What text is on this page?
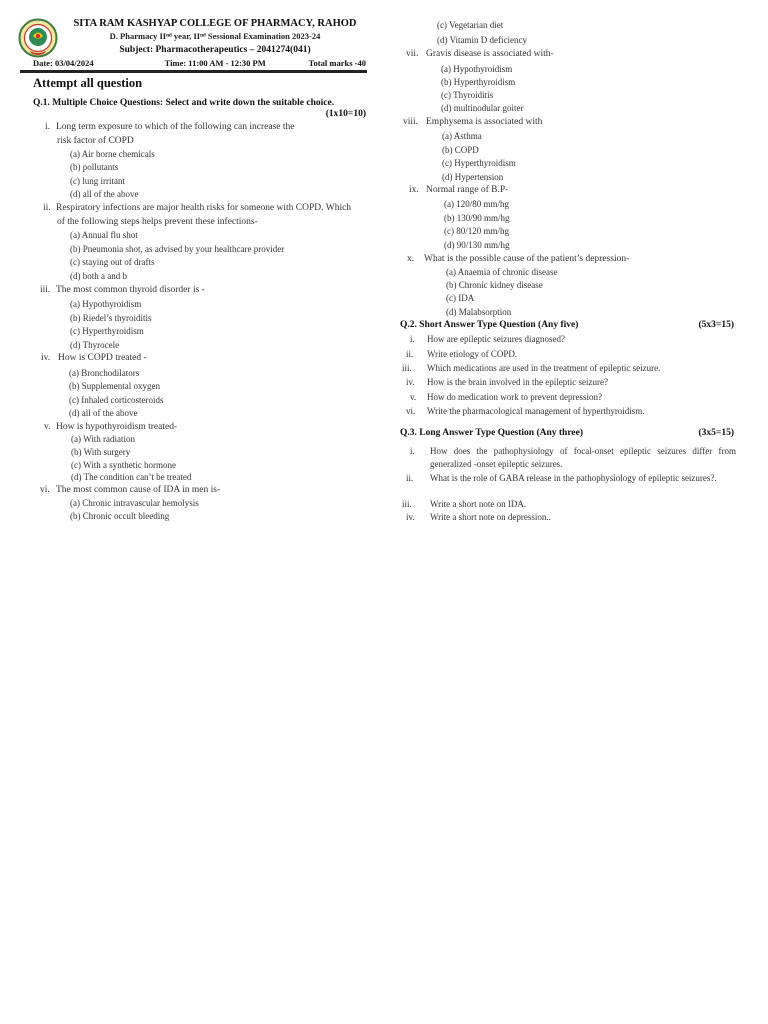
SITA RAM KASHYAP COLLEGE OF PHARMACY, RAHOD
D. Pharmacy IIⁿᵈ year, IIⁿᵈ Sessional Examination 2023-24
Subject: Pharmacotherapeutics – 2041274(041)
Date: 03/04/2024	Time: 11:00 AM - 12:30 PM	Total marks -40
Attempt all question
Q.1. Multiple Choice Questions: Select and write down the suitable choice.
(1x10=10)
i. Long term exposure to which of the following can increase the
risk factor of COPD
(a) Air borne chemicals
(b) pollutants
(c) lung irritant
(d) all of the above
ii. Respiratory infections are major health risks for someone with COPD. Which
of the following steps helps prevent these infections-
(a) Annual flu shot
(b) Pneumonia shot, as advised by your healthcare provider
(c) staying out of drafts
(d) both a and b
iii. The most common thyroid disorder is -
(a) Hypothyroidism
(b) Riedel’s thyroiditis
(c) Hyperthyroidism
(d) Thyrocele
iv. How is COPD treated -
(a) Bronchodilators
(b) Supplemental oxygen
(c) Inhaled corticosteroids
(d) all of the above
v. How is hypothyroidism treated-
(a) With radiation
(b) With surgery
(c) With a synthetic hormone
(d) The condition can’t be treated
vi. The most common cause of IDA in men is-
(a) Chronic intravascular hemolysis
(b) Chronic occult bleeding
(c) Vegetarian diet
(d) Vitamin D deficiency
vii. Gravis disease is associated with-
(a) Hypothyroidism
(b) Hyperthyroidism
(c) Thyroiditis
(d) multinodular goiter
viii. Emphysema is associated with
(a) Asthma
(b) COPD
(c) Hyperthyroidism
(d) Hypertension
ix. Normal range of B.P-
(a) 120/80 mm/hg
(b) 130/90 mm/hg
(c) 80/120 mm/hg
(d) 90/130 mm/hg
x. What is the possible cause of the patient’s depression-
(a) Anaemia of chronic disease
(b) Chronic kidney disease
(c) IDA
(d) Malabsorption
Q.2. Short Answer Type Question (Any five)	(5x3=15)
i. How are epileptic seizures diagnosed?
ii. Write etiology of COPD.
iii. Which medications are used in the treatment of epileptic seizure.
iv. How is the brain involved in the epileptic seizure?
v. How do medication work to prevent depression?
vi. Write the pharmacological management of hyperthyroidism.
Q.3. Long Answer Type Question (Any three)	(3x5=15)
i. How does the pathophysiology of focal-onset epileptic seizures differ from generalized -onset epileptic seizures.
ii. What is the role of GABA release in the pathophysiology of epileptic seizures?.
iii. Write a short note on IDA.
iv. Write a short note on depression..
